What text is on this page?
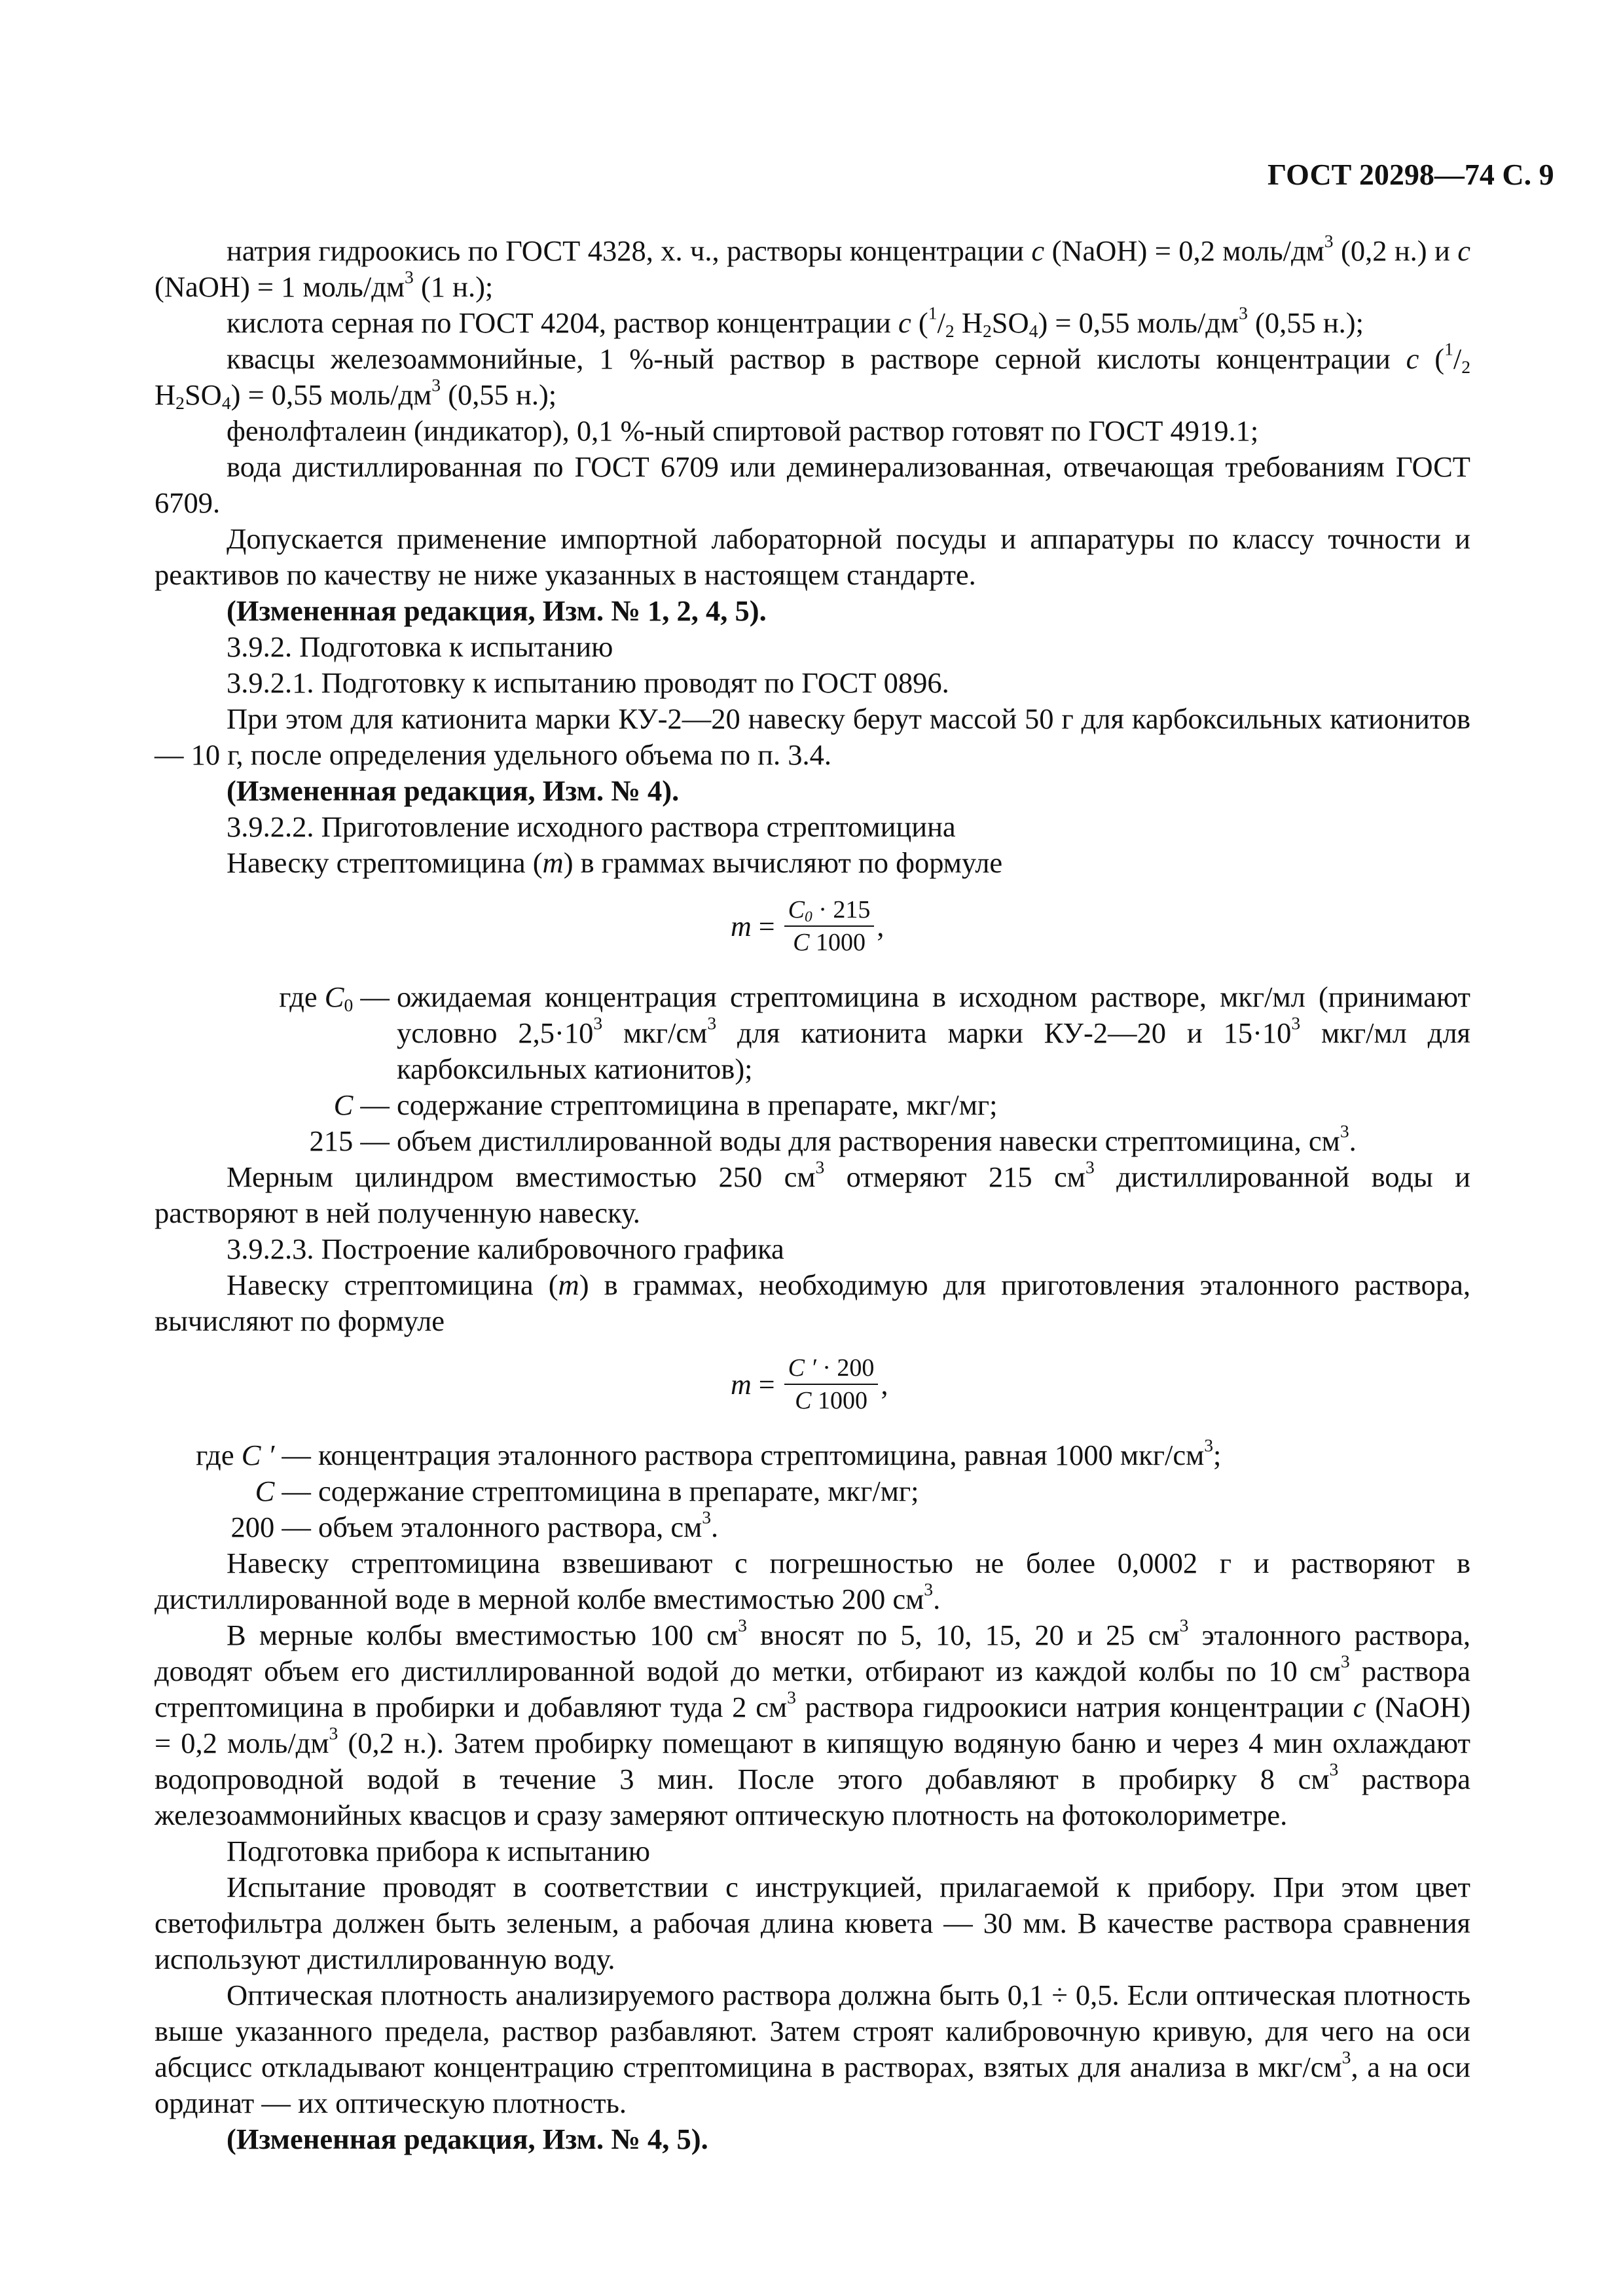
ГОСТ 20298—74 С. 9

натрия гидроокись по ГОСТ 4328, х. ч., растворы концентрации c (NaOH) = 0,2 моль/$дм^3$ (0,2 н.) и c (NaOH) = 1 моль/$дм^3$ (1 н.);

кислота серная по ГОСТ 4204, раствор концентрации c ($^1/_2$ $H_2SO_4) = 0,55$ моль/$дм^3$ (0,55 н.);

квасцы железоаммонийные, 1 %-ный раствор в растворе серной кислоты концентрации c ($^1/_2$ $H_2SO_4) = 0,55$ моль/$дм^3$ (0,55 н.);

фенолфталеин (индикатор), 0,1 %-ный спиртовой раствор готовят по ГОСТ 4919.1;

вода дистиллированная по ГОСТ 6709 или деминерализованная, отвечающая требованиям ГОСТ 6709.

Допускается применение импортной лабораторной посуды и аппаратуры по классу точности и реактивов по качеству не ниже указанных в настоящем стандарте.

(Измененная редакция, Изм. № 1, 2, 4, 5).

3.9.2. Подготовка к испытанию

3.9.2.1. Подготовку к испытанию проводят по ГОСТ 0896.

При этом для катионита марки КУ-2—20 навеску берут массой 50 г для карбоксильных катионитов — 10 г, после определения удельного объема по п. 3.4.

(Измененная редакция, Изм. № 4).

3.9.2.2. Приготовление исходного раствора стрептомицина

Навеску стрептомицина (m) в граммах вычисляют по формуле

m
= $\frac{C_0 \cdot 215}{C 1000}$ ,
где $C_0$ — ожидаемая концентрация стрептомицина в исходном растворе, мкг/мл (принимают условно $2,5\cdot 10^3$ мкг/$см^3$ для катионита марки КУ-2—20 и $15\cdot 10^3$ мкг/мл для карбоксильных катионитов);
C — содержание стрептомицина в препарате, мкг/мг;
215 — объем дистиллированной воды для растворения навески стрептомицина, $см^3$.

Мерным цилиндром вместимостью 250 $см^3$ отмеряют 215 $см^3$ дистиллированной воды и растворяют в ней полученную навеску.

3.9.2.3. Построение калибровочного графика

Навеску стрептомицина (m) в граммах, необходимую для приготовления эталонного раствора, вычисляют по формуле

m
= $\frac{C ' \cdot 200}{C 1000}$ ,
где C ′ — концентрация эталонного раствора стрептомицина, равная 1000 мкг/$см^3$;
C — содержание стрептомицина в препарате, мкг/мг;
200 — объем эталонного раствора, $см^3$.

Навеску стрептомицина взвешивают с погрешностью не более 0,0002 г и растворяют в дистиллированной воде в мерной колбе вместимостью 200 $см^3$.

В мерные колбы вместимостью 100 $см^3$ вносят по 5, 10, 15, 20 и 25 $см^3$ эталонного раствора, доводят объем его дистиллированной водой до метки, отбирают из каждой колбы по 10 $см^3$ раствора стрептомицина в пробирки и добавляют туда 2 $см^3$ раствора гидроокиси натрия концентрации c (NaOH) = 0,2 моль/$дм^3$ (0,2 н.). Затем пробирку помещают в кипящую водяную баню и через 4 мин охлаждают водопроводной водой в течение 3 мин. После этого добавляют в пробирку 8 $см^3$ раствора железоаммонийных квасцов и сразу замеряют оптическую плотность на фотоколориметре.

Подготовка прибора к испытанию

Испытание проводят в соответствии с инструкцией, прилагаемой к прибору. При этом цвет светофильтра должен быть зеленым, а рабочая длина кювета — 30 мм. В качестве раствора сравнения используют дистиллированную воду.

Оптическая плотность анализируемого раствора должна быть 0,1 ÷ 0,5. Если оптическая плотность выше указанного предела, раствор разбавляют. Затем строят калибровочную кривую, для чего на оси абсцисс откладывают концентрацию стрептомицина в растворах, взятых для анализа в мкг/$см^3$, а на оси ординат — их оптическую плотность.

(Измененная редакция, Изм. № 4, 5).
